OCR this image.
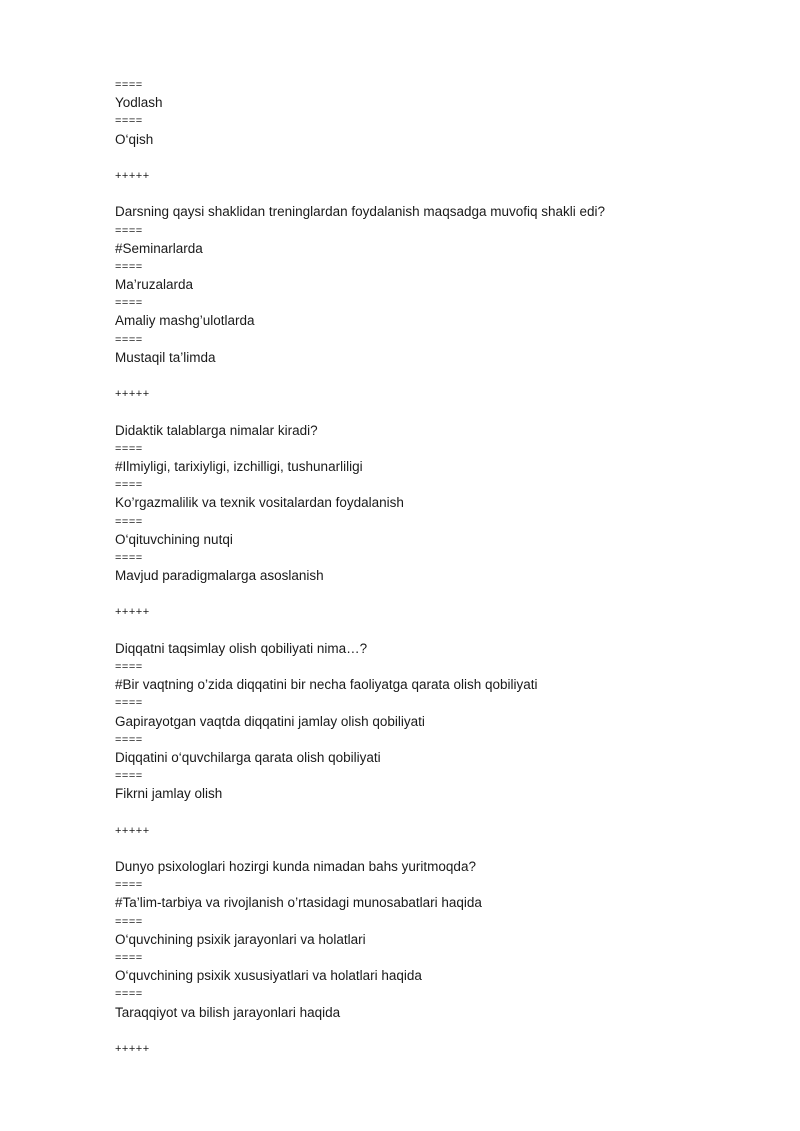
====
Yodlash
====
O‘qish
+++++
Darsning qaysi shaklidan treninglardan foydalanish maqsadga muvofiq shakli edi?
====
#Seminarlarda
====
Ma’ruzalarda
====
Amaliy mashg’ulotlarda
====
Mustaqil ta’limda
+++++
Didaktik talablarga nimalar kiradi?
====
#Ilmiyligi, tarixiyligi, izchilligi, tushunarliligi
====
Ko’rgazmalilik va texnik vositalardan foydalanish
====
O‘qituvchining nutqi
====
Mavjud paradigmalarga asoslanish
+++++
Diqqatni taqsimlay olish qobiliyati nima…?
====
#Bir vaqtning o’zida diqqatini bir necha faoliyatga qarata olish qobiliyati
====
Gapirayotgan vaqtda diqqatini jamlay olish qobiliyati
====
Diqqatini o‘quvchilarga qarata olish qobiliyati
====
Fikrni jamlay olish
+++++
Dunyo psixologlari hozirgi kunda nimadan bahs yuritmoqda?
====
#Ta’lim-tarbiya va rivojlanish o’rtasidagi munosabatlari haqida
====
O‘quvchining psixik jarayonlari va holatlari
====
O‘quvchining psixik xususiyatlari va holatlari haqida
====
Taraqqiyot va bilish jarayonlari haqida
+++++
